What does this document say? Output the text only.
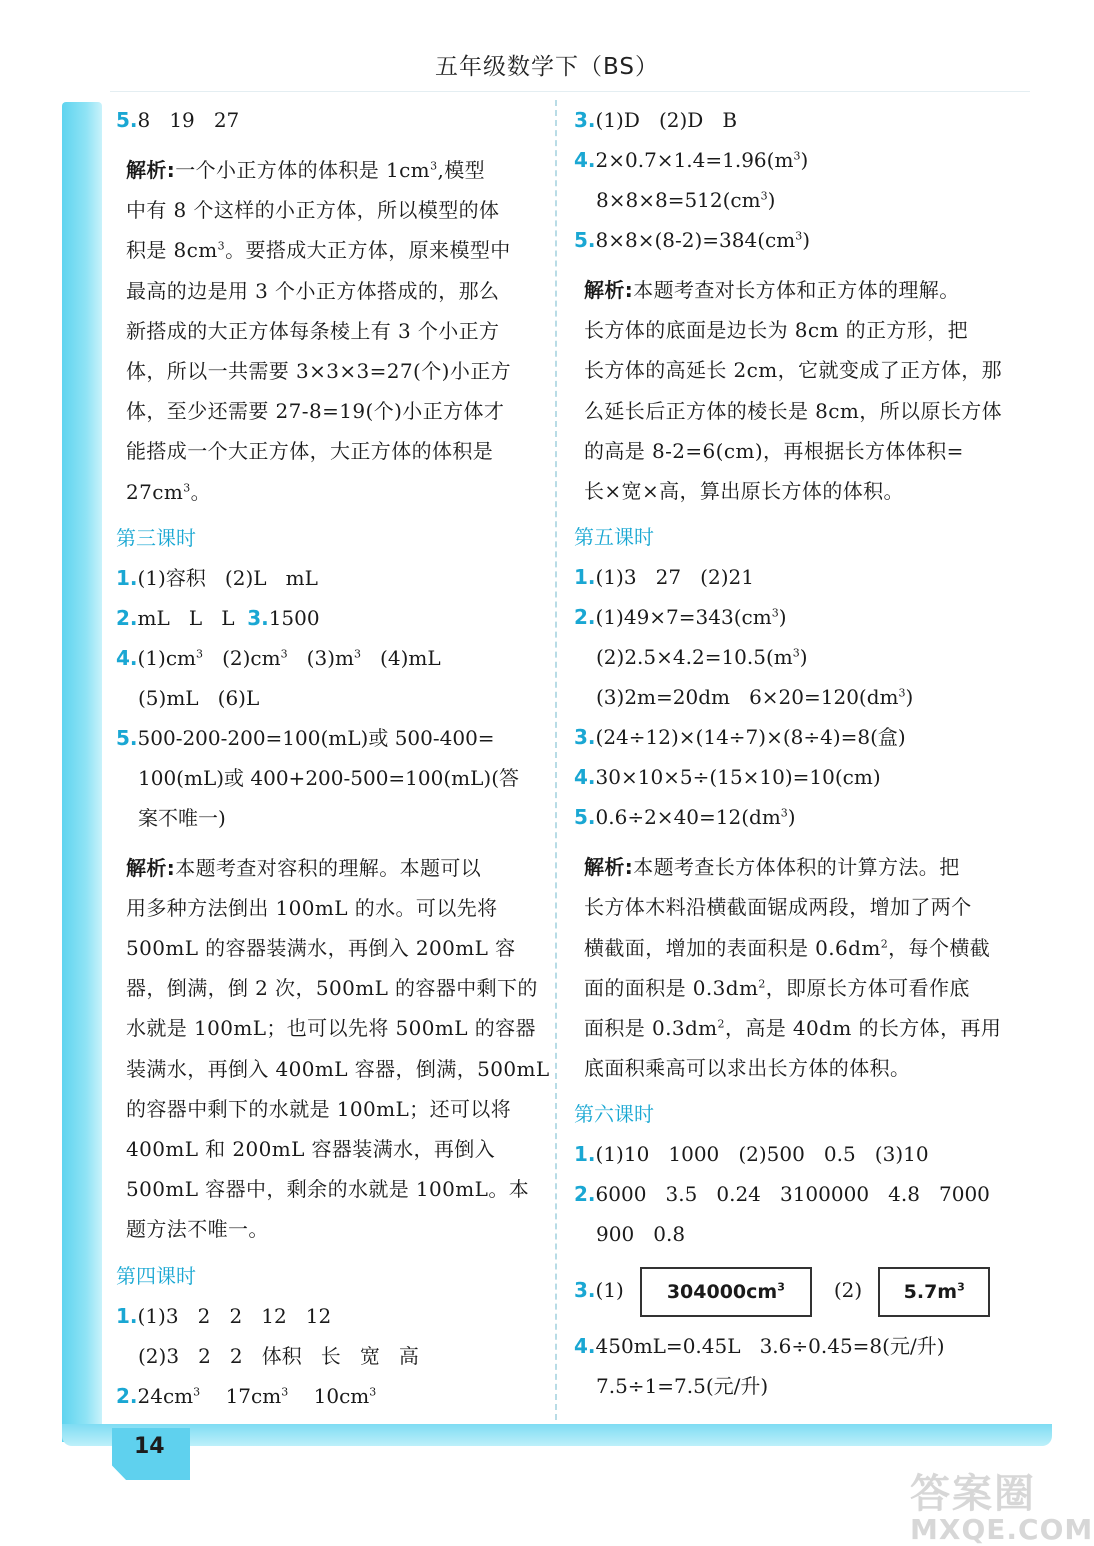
五年级数学下（BS）
14
5.8   19   27
解析:一个小正方体的体积是 $1cm^3$,模型
中有 8 个这样的小正方体，所以模型的体
积是 $8cm^3$。要搭成大正方体，原来模型中
最高的边是用 3 个小正方体搭成的，那么
新搭成的大正方体每条棱上有 3 个小正方
体，所以一共需要 3×3×3=27(个)小正方
体，至少还需要 27-8=19(个)小正方体才
能搭成一个大正方体，大正方体的体积是
$27cm^3$。
第三课时
1.(1)容积   (2)L   mL
2.mL   L   L  3.1500
$4.(1)cm^3$   $(2)cm^3$   $(3)m^3$   (4)mL
(5)mL   (6)L
5.500-200-200=100(mL)或 500-400=
100(mL)或 400+200-500=100(mL)(答
案不唯一)
解析:本题考查对容积的理解。本题可以
用多种方法倒出 100mL 的水。可以先将
500mL 的容器装满水，再倒入 200mL 容
器，倒满，倒 2 次，500mL 的容器中剩下的
水就是 100mL；也可以先将 500mL 的容器
装满水，再倒入 400mL 容器，倒满，500mL
的容器中剩下的水就是 100mL；还可以将
400mL 和 200mL 容器装满水，再倒入
500mL 容器中，剩余的水就是 100mL。本
题方法不唯一。
第四课时
1.(1)3   2   2   12   12
(2)3   2   2   体积   长   宽   高
$2.24cm^3$    $17cm^3$    $10cm^3$
3.(1)D   (2)D   B
$4.2\times 0.7\times 1.4=1.96(m^3)$
$8\times 8\times 8=512(cm^3)$
$5.8\times 8\times(8-2)=384(cm^3)$
解析:本题考查对长方体和正方体的理解。
长方体的底面是边长为 8cm 的正方形，把
长方体的高延长 2cm，它就变成了正方体，那
么延长后正方体的棱长是 8cm，所以原长方体
的高是 8-2=6(cm)，再根据长方体体积=
长×宽×高，算出原长方体的体积。
第五课时
1.(1)3   27   (2)21
$2.(1)49\times 7=343(cm^3)$
$(2)2.5\times 4.2=10.5(m^3)$
(3)2m=20dm   $6\times 20=120(dm^3)$
3.(24÷12)×(14÷7)×(8÷4)=8(盒)
4.30×10×5÷(15×10)=10(cm)
$5.0.6\div 2\times 40=12(dm^3)$
解析:本题考查长方体体积的计算方法。把
长方体木料沿横截面锯成两段，增加了两个
横截面，增加的表面积是 $0.6dm^2$，每个横截
面的面积是 $0.3dm^2$，即原长方体可看作底
面积是 $0.3dm^2$，高是 40dm 的长方体，再用
底面积乘高可以求出长方体的体积。
第六课时
1.(1)10   1000   (2)500   0.5   (3)10
2.6000   3.5   0.24   3100000   4.8   7000
900   0.8
3.(1) $304000cm^3$ (2) $5.7m^3$
4.450mL=0.45L   3.6÷0.45=8(元/升)
7.5÷1=7.5(元/升)
答案圈
MXQE.COM
